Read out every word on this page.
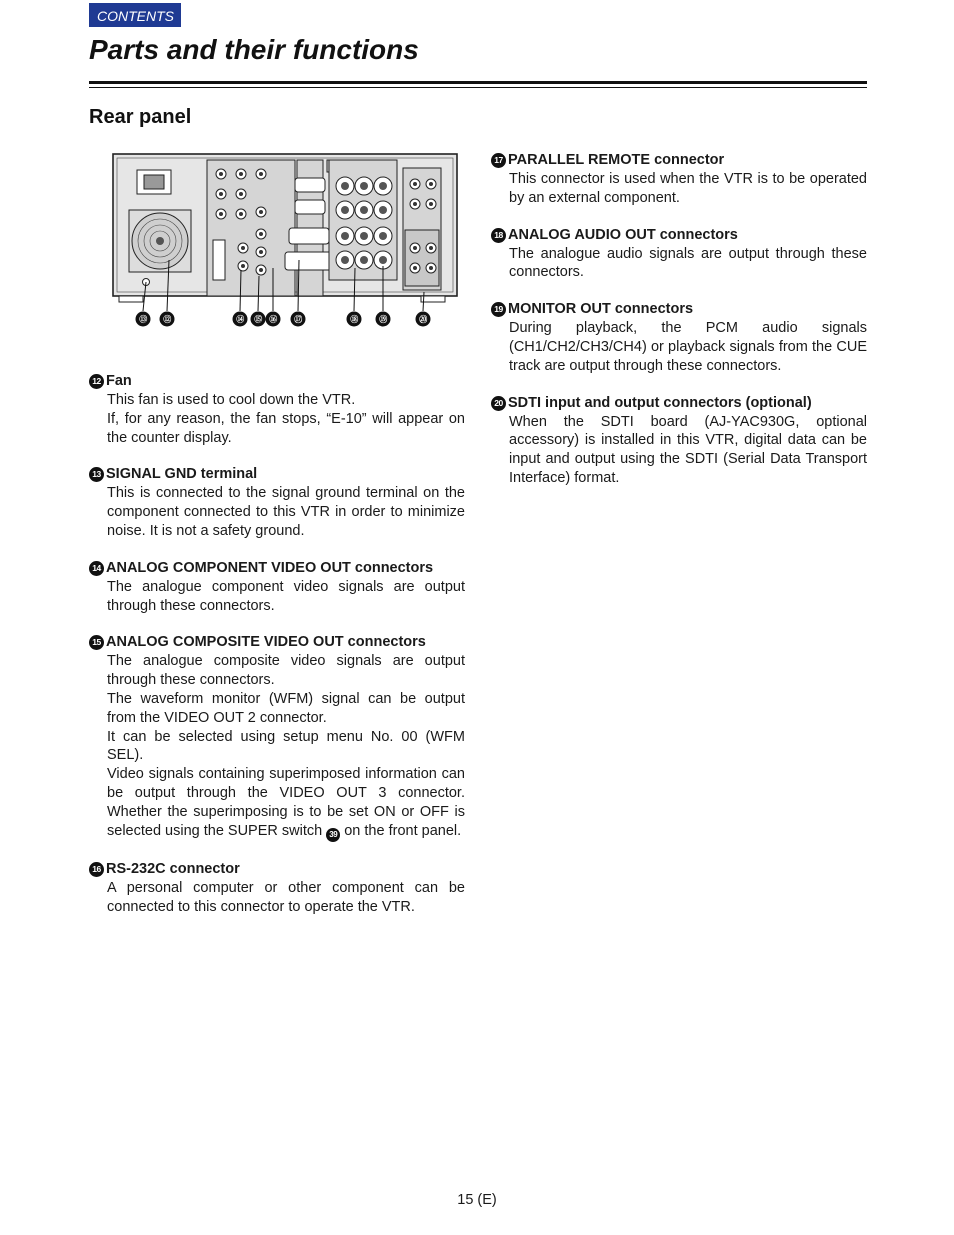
CONTENTS
Parts and their functions
Rear panel
⑬ ⑫	⑭ ⑮ ⑯ ⑰	⑱	⑲	⑳
12 Fan

This fan is used to cool down the VTR.

If, for any reason, the fan stops, “E-10” will appear on the counter display.

13 SIGNAL GND terminal

This is connected to the signal ground terminal on the component connected to this VTR in order to minimize noise. It is not a safety ground.

14 ANALOG COMPONENT VIDEO OUT connectors

The analogue component video signals are output through these connectors.

15 ANALOG COMPOSITE VIDEO OUT connectors

The analogue composite video signals are output through these connectors.

The waveform monitor (WFM) signal can be output from the VIDEO OUT 2 connector.

It can be selected using setup menu No. 00 (WFM SEL).

Video signals containing superimposed information can be output through the VIDEO OUT 3 connector. Whether the superimposing is to be set ON or OFF is selected using the SUPER switch 39 on the front panel.

16 RS-232C connector

A personal computer or other component can be connected to this connector to operate the VTR.

17 PARALLEL REMOTE connector

This connector is used when the VTR is to be operated by an external component.

18 ANALOG AUDIO OUT connectors

The analogue audio signals are output through these connectors.

19 MONITOR OUT connectors

During playback, the PCM audio signals (CH1/CH2/CH3/CH4) or playback signals from the CUE track are output through these connectors.

20 SDTI input and output connectors (optional)

When the SDTI board (AJ-YAC930G, optional accessory) is installed in this VTR, digital data can be input and output using the SDTI (Serial Data Transport Interface) format.

15 (E)
